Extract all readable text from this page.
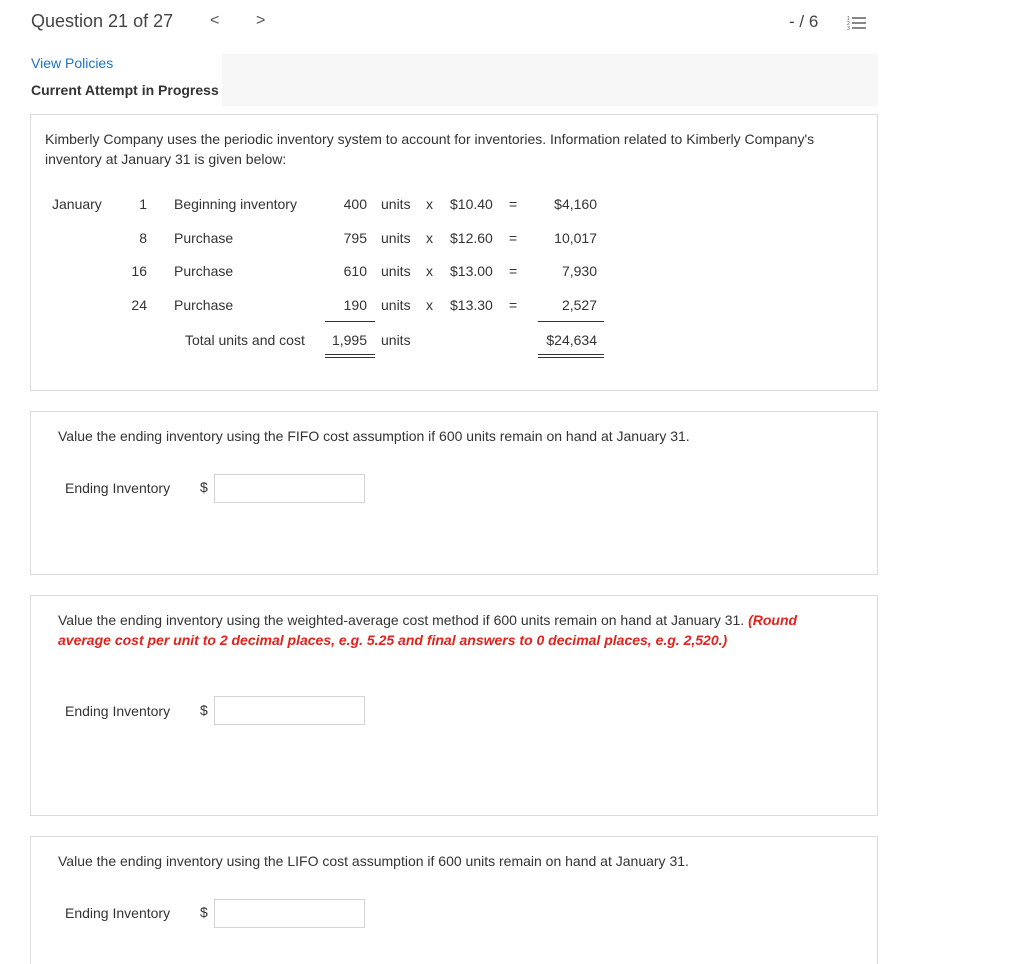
Question 21 of 27 < >	- / 6	1
2
3
View Policies
Current Attempt in Progress
Kimberly Company uses the periodic inventory system to account for inventories. Information related to Kimberly Company's inventory at January 31 is given below:
January	1 Beginning inventory	400 units x $10.40 =	$4,160
8 Purchase	795 units x $12.60 =	10,017
16 Purchase	610 units x $13.00 =	7,930
24 Purchase	190 units x $13.30 =	2,527
Total units and cost	1,995 units	$24,634
Value the ending inventory using the FIFO cost assumption if 600 units remain on hand at January 31.
Ending Inventory $
Value the ending inventory using the weighted-average cost method if 600 units remain on hand at January 31. (Round average cost per unit to 2 decimal places, e.g. 5.25 and final answers to 0 decimal places, e.g. 2,520.)
Ending Inventory $
Value the ending inventory using the LIFO cost assumption if 600 units remain on hand at January 31.
Ending Inventory $
